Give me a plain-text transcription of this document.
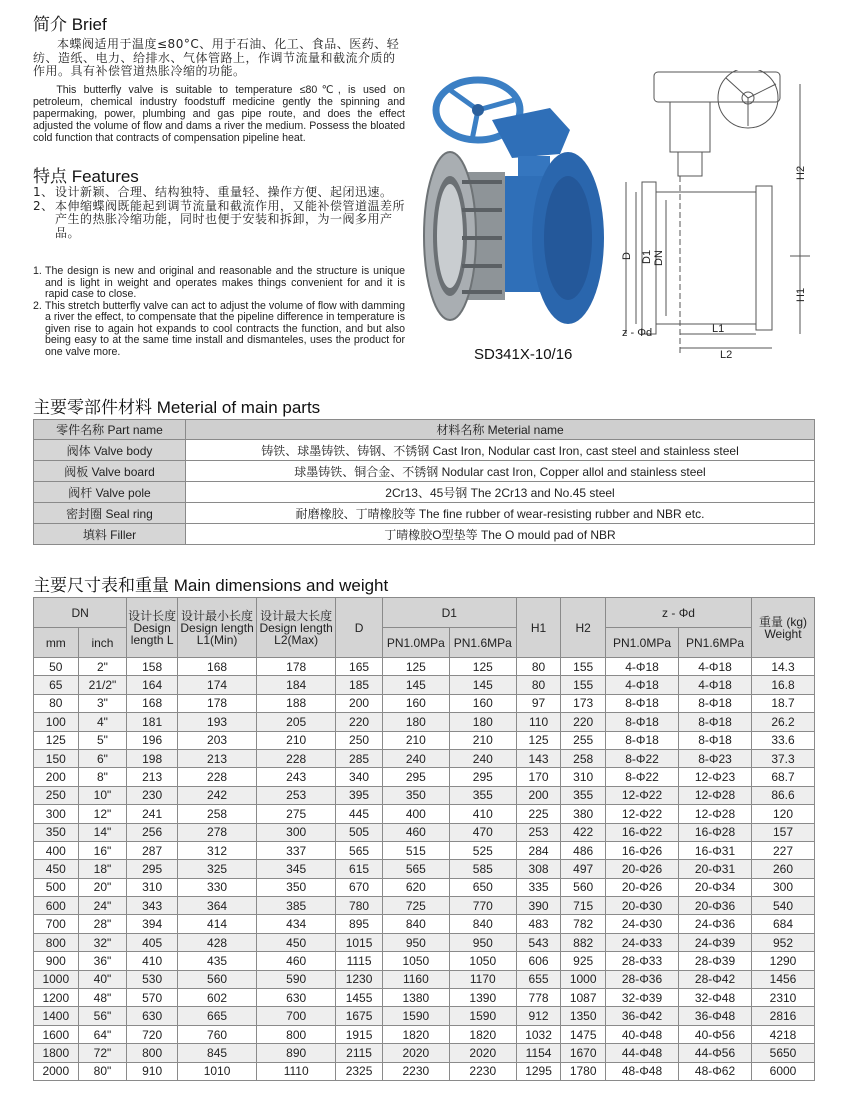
简介 Brief
本蝶阀适用于温度≤80°C、用于石油、化工、食品、医药、轻纺、造纸、电力、给排水、气体管路上，作调节流量和截流介质的作用。具有补偿管道热胀冷缩的功能。
This butterfly valve is suitable to temperature ≤80℃, is used on petroleum, chemical industry foodstuff medicine gently the spinning and papermaking, power, plumbing and gas pipe route, and does the effect adjusted the volume of flow and dams a river the medium. Possess the bloated cold function that contracts of compensation pipeline heat.
特点 Features
1、 设计新颖、合理、结构独特、重量轻、操作方便、起闭迅速。
2、 本伸缩蝶阀既能起到调节流量和截流作用，又能补偿管道温差所产生的热胀冷缩功能，同时也便于安装和拆卸，为一阀多用产品。
1. The design is new and original and reasonable and the structure is unique and is light in weight and operates makes things convenient for and it is rapid case to close.
2. This stretch butterfly valve can act to adjust the volume of flow with damming a river the effect, to compensate that the pipeline difference in temperature is given rise to again hot expands to cool contracts the function, and but also being easy to at the same time install and dismanteles, uses the product for one valve more.
H2
H1
D D1 DN
L1
L2
z - Φd
SD341X-10/16
主要零部件材料 Meterial of main parts
零件名称 Part name	材料名称 Meterial name
阀体 Valve body	铸铁、球墨铸铁、铸钢、不锈钢 Cast Iron, Nodular cast Iron, cast steel and stainless steel
阀板 Valve board	球墨铸铁、铜合金、不锈钢 Nodular cast Iron, Copper allol and stainless steel
阀杆 Valve pole	2Cr13、45号钢 The 2Cr13 and No.45 steel
密封圈 Seal ring	耐磨橡胶、丁晴橡胶等 The fine rubber of wear-resisting rubber and NBR etc.
填料 Filler	丁晴橡胶O型垫等 The O mould pad of NBR
主要尺寸表和重量 Main dimensions and weight
DN		设计长度 Design length L	设计最小长度 Design length L1(Min)	设计最大长度 Design length L2(Max)	D	D1		H1	H2	z - Φd		重量 (kg) Weight
mm	inch					PN1.0MPa	PN1.6MPa			PN1.0MPa	PN1.6MPa	
50	2"	158	168	178	165	125	125	80	155	4-Φ18	4-Φ18	14.3
65	21/2"	164	174	184	185	145	145	80	155	4-Φ18	4-Φ18	16.8
80	3"	168	178	188	200	160	160	97	173	8-Φ18	8-Φ18	18.7
100	4"	181	193	205	220	180	180	110	220	8-Φ18	8-Φ18	26.2
125	5"	196	203	210	250	210	210	125	255	8-Φ18	8-Φ18	33.6
150	6"	198	213	228	285	240	240	143	258	8-Φ22	8-Φ23	37.3
200	8"	213	228	243	340	295	295	170	310	8-Φ22	12-Φ23	68.7
250	10"	230	242	253	395	350	355	200	355	12-Φ22	12-Φ28	86.6
300	12"	241	258	275	445	400	410	225	380	12-Φ22	12-Φ28	120
350	14"	256	278	300	505	460	470	253	422	16-Φ22	16-Φ28	157
400	16"	287	312	337	565	515	525	284	486	16-Φ26	16-Φ31	227
450	18"	295	325	345	615	565	585	308	497	20-Φ26	20-Φ31	260
500	20"	310	330	350	670	620	650	335	560	20-Φ26	20-Φ34	300
600	24"	343	364	385	780	725	770	390	715	20-Φ30	20-Φ36	540
700	28"	394	414	434	895	840	840	483	782	24-Φ30	24-Φ36	684
800	32"	405	428	450	1015	950	950	543	882	24-Φ33	24-Φ39	952
900	36"	410	435	460	1115	1050	1050	606	925	28-Φ33	28-Φ39	1290
1000	40"	530	560	590	1230	1160	1170	655	1000	28-Φ36	28-Φ42	1456
1200	48"	570	602	630	1455	1380	1390	778	1087	32-Φ39	32-Φ48	2310
1400	56"	630	665	700	1675	1590	1590	912	1350	36-Φ42	36-Φ48	2816
1600	64"	720	760	800	1915	1820	1820	1032	1475	40-Φ48	40-Φ56	4218
1800	72"	800	845	890	2115	2020	2020	1154	1670	44-Φ48	44-Φ56	5650
2000	80"	910	1010	1110	2325	2230	2230	1295	1780	48-Φ48	48-Φ62	6000
